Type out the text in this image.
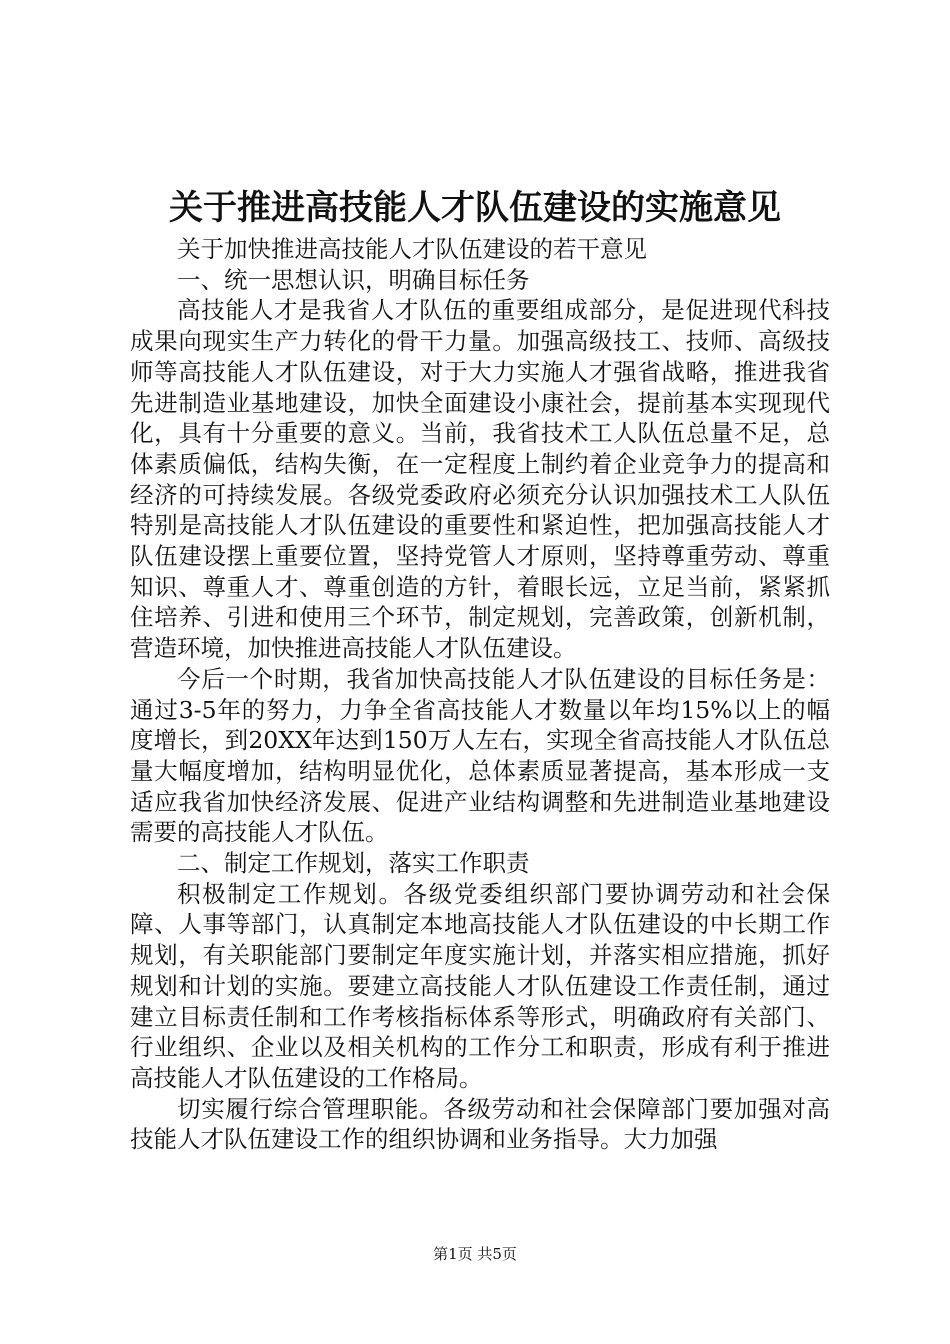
关于推进高技能人才队伍建设的实施意见

关于加快推进高技能人才队伍建设的若干意见

一、统一思想认识，明确目标任务

高技能人才是我省人才队伍的重要组成部分，是促进现代科技成果向现实生产力转化的骨干力量。加强高级技工、技师、高级技师等高技能人才队伍建设，对于大力实施人才强省战略，推进我省先进制造业基地建设，加快全面建设小康社会，提前基本实现现代化，具有十分重要的意义。当前，我省技术工人队伍总量不足，总体素质偏低，结构失衡，在一定程度上制约着企业竞争力的提高和经济的可持续发展。各级党委政府必须充分认识加强技术工人队伍特别是高技能人才队伍建设的重要性和紧迫性，把加强高技能人才队伍建设摆上重要位置，坚持党管人才原则，坚持尊重劳动、尊重知识、尊重人才、尊重创造的方针，着眼长远，立足当前，紧紧抓住培养、引进和使用三个环节，制定规划，完善政策，创新机制，营造环境，加快推进高技能人才队伍建设。

今后一个时期，我省加快高技能人才队伍建设的目标任务是：通过3-5年的努力，力争全省高技能人才数量以年均15%以上的幅度增长，到20XX年达到150万人左右，实现全省高技能人才队伍总量大幅度增加，结构明显优化，总体素质显著提高，基本形成一支适应我省加快经济发展、促进产业结构调整和先进制造业基地建设需要的高技能人才队伍。

二、制定工作规划，落实工作职责

积极制定工作规划。各级党委组织部门要协调劳动和社会保障、人事等部门，认真制定本地高技能人才队伍建设的中长期工作规划，有关职能部门要制定年度实施计划，并落实相应措施，抓好规划和计划的实施。要建立高技能人才队伍建设工作责任制，通过建立目标责任制和工作考核指标体系等形式，明确政府有关部门、行业组织、企业以及相关机构的工作分工和职责，形成有利于推进高技能人才队伍建设的工作格局。

切实履行综合管理职能。各级劳动和社会保障部门要加强对高技能人才队伍建设工作的组织协调和业务指导。大力加强

第1页 共5页
